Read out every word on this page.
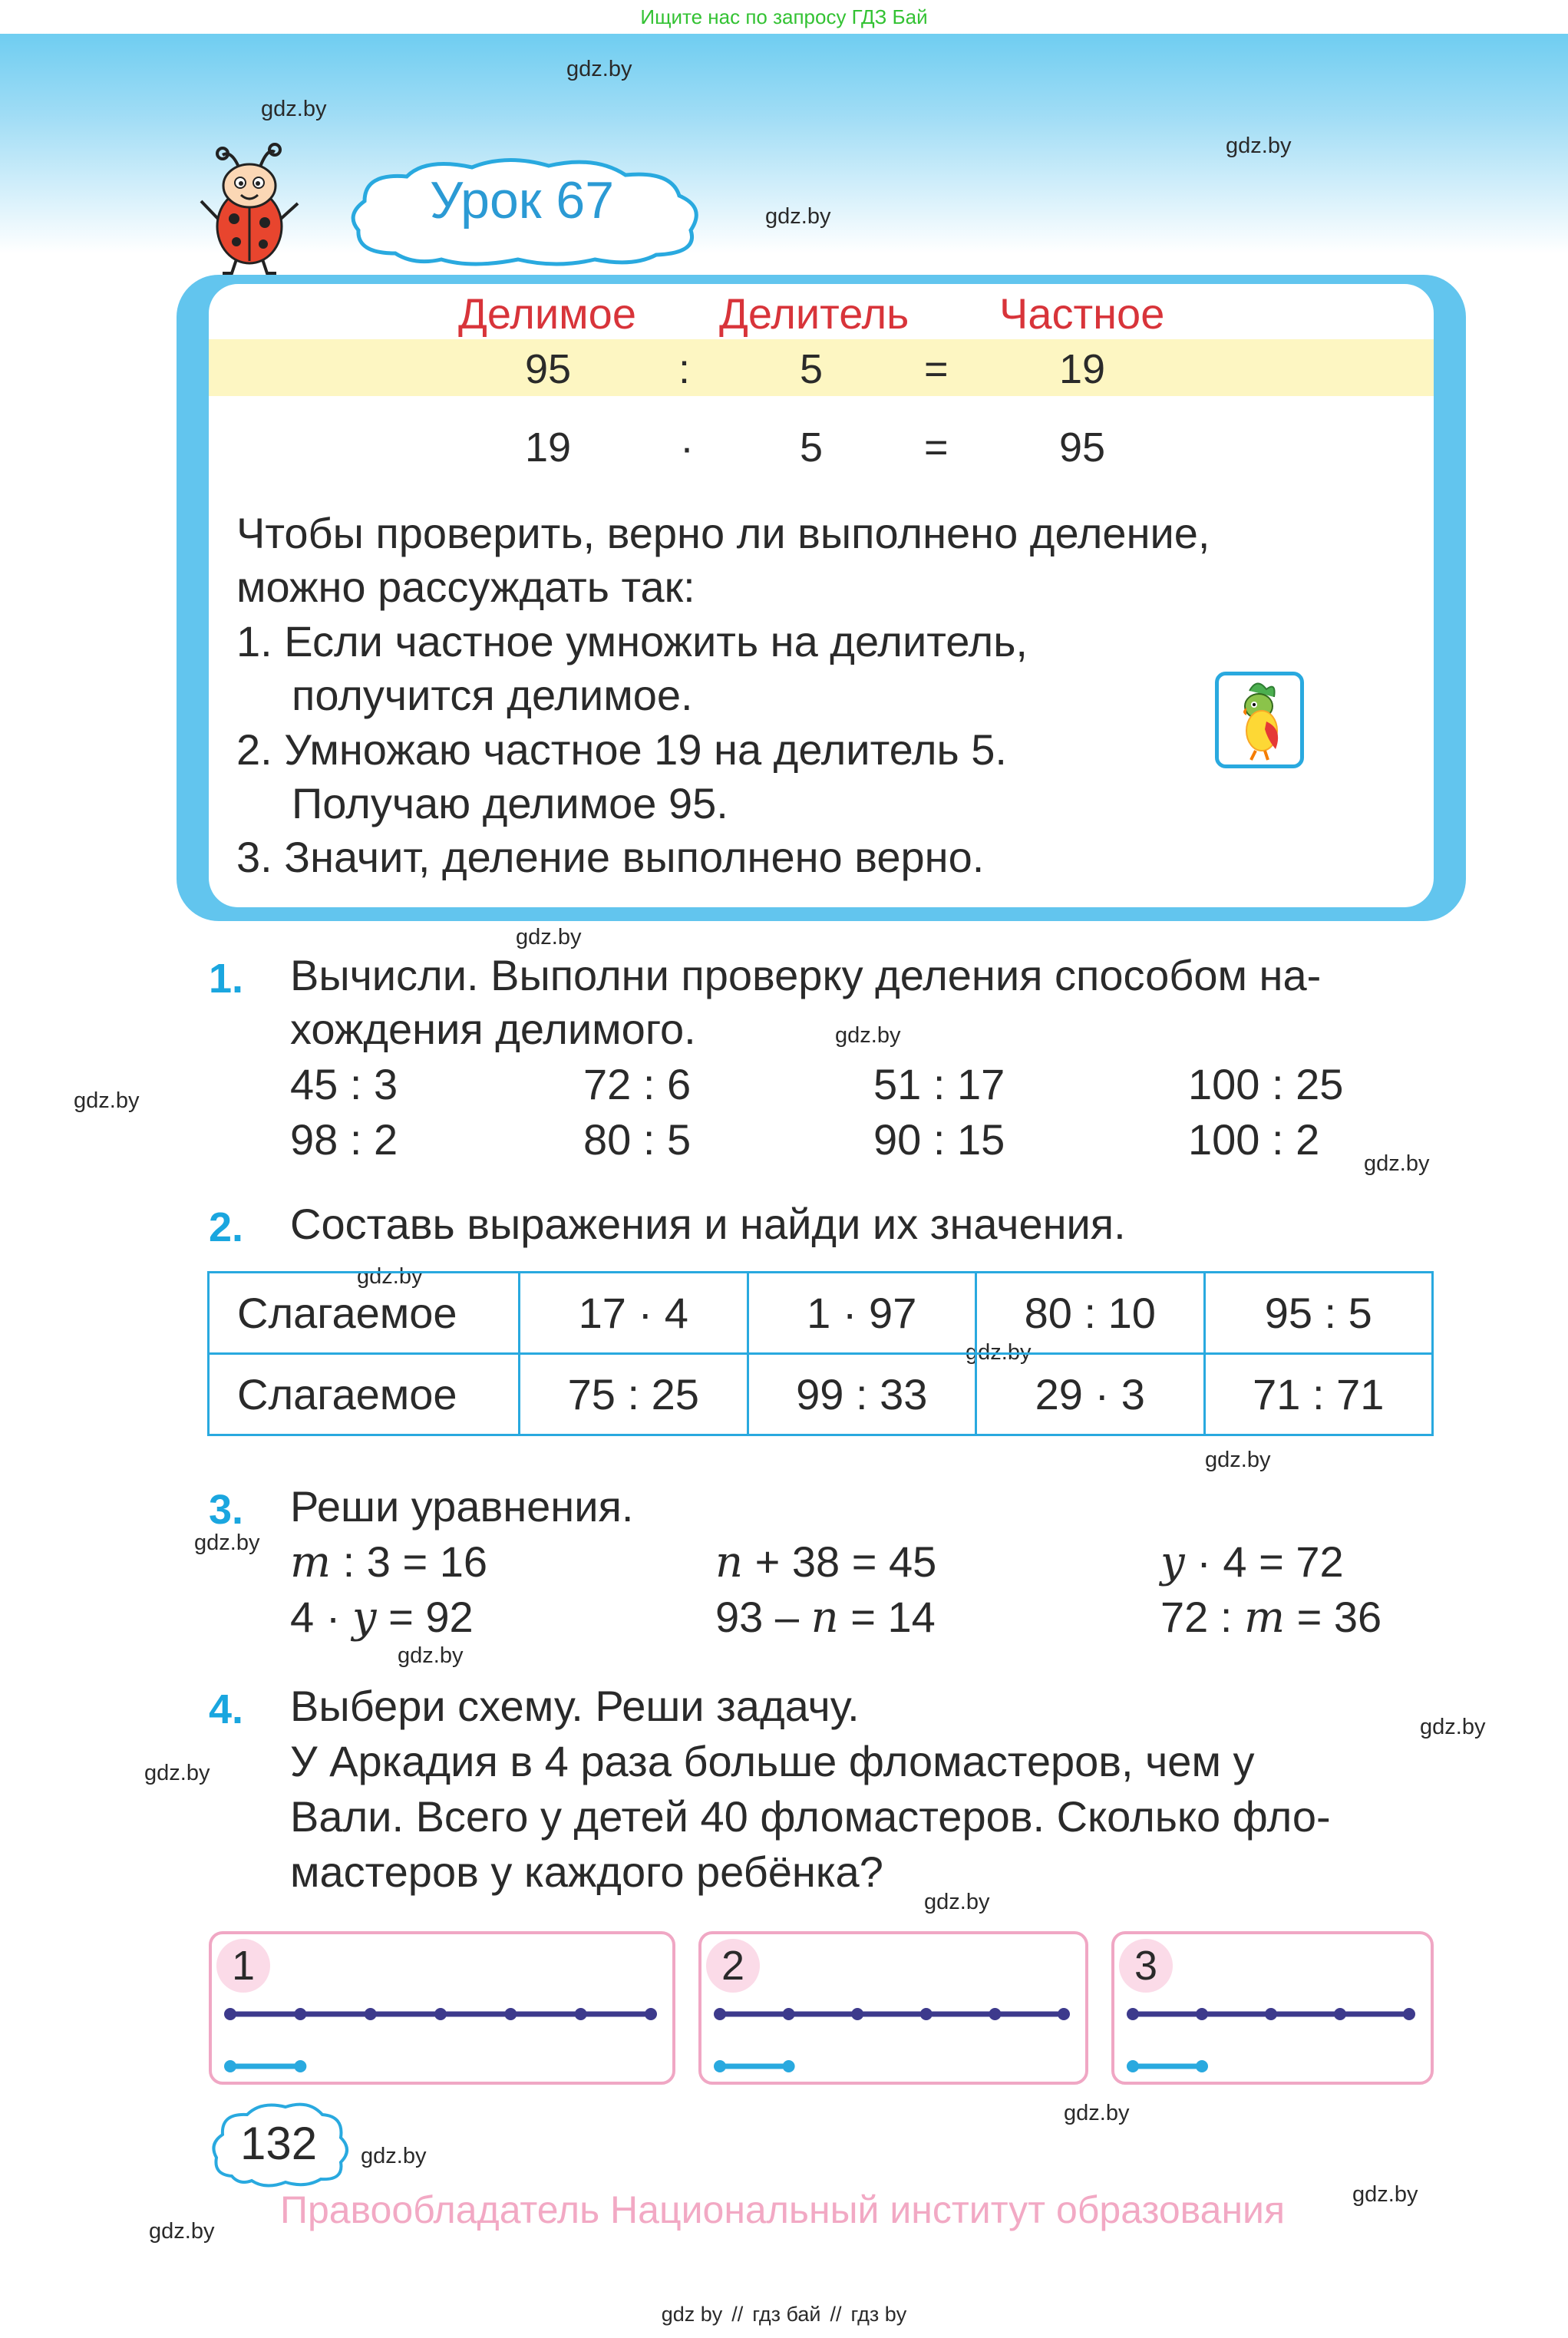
Ищите нас по запросу ГДЗ Бай
gdz.by
gdz.by
gdz.by
gdz.by
gdz.by
gdz.by
gdz.by
gdz.by
gdz.by
gdz.by
gdz.by
gdz.by
gdz.by
gdz.by
gdz.by
gdz.by
gdz.by
gdz.by
gdz.by
gdz.by
Урок 67
Делимое Делитель Частное
95	:	5 =	19
19	·	5 =	95
Чтобы проверить, верно ли выполнено деление,
можно рассуждать так:
1. Если частное умножить на делитель,
получится делимое.
2. Умножаю частное 19 на делитель 5.
Получаю делимое 95.
3. Значит, деление выполнено верно.
1. Вычисли. Выполни проверку деления способом на-
хождения делимого.
45 : 3	72 : 6	51 : 17	100 : 25
98 : 2	80 : 5	90 : 15	100 : 2
2. Составь выражения и найди их значения.
Слагаемое	17 · 4	1 · 97	80 : 10	95 : 5
Слагаемое	75 : 25	99 : 33	29 · 3	71 : 71
3. Реши уравнения.
m : 3 = 16	n + 38 = 45	y · 4 = 72
4 · y = 92	93 – n = 14	72 : m = 36
4. Выбери схему. Реши задачу.
У Аркадия в 4 раза больше фломастеров, чем у
Вали. Всего у детей 40 фломастеров. Сколько фло-
мастеров у каждого ребёнка?
1	2	3
132
Правообладатель Национальный институт образования
gdz by // гдз бай // гдз by
